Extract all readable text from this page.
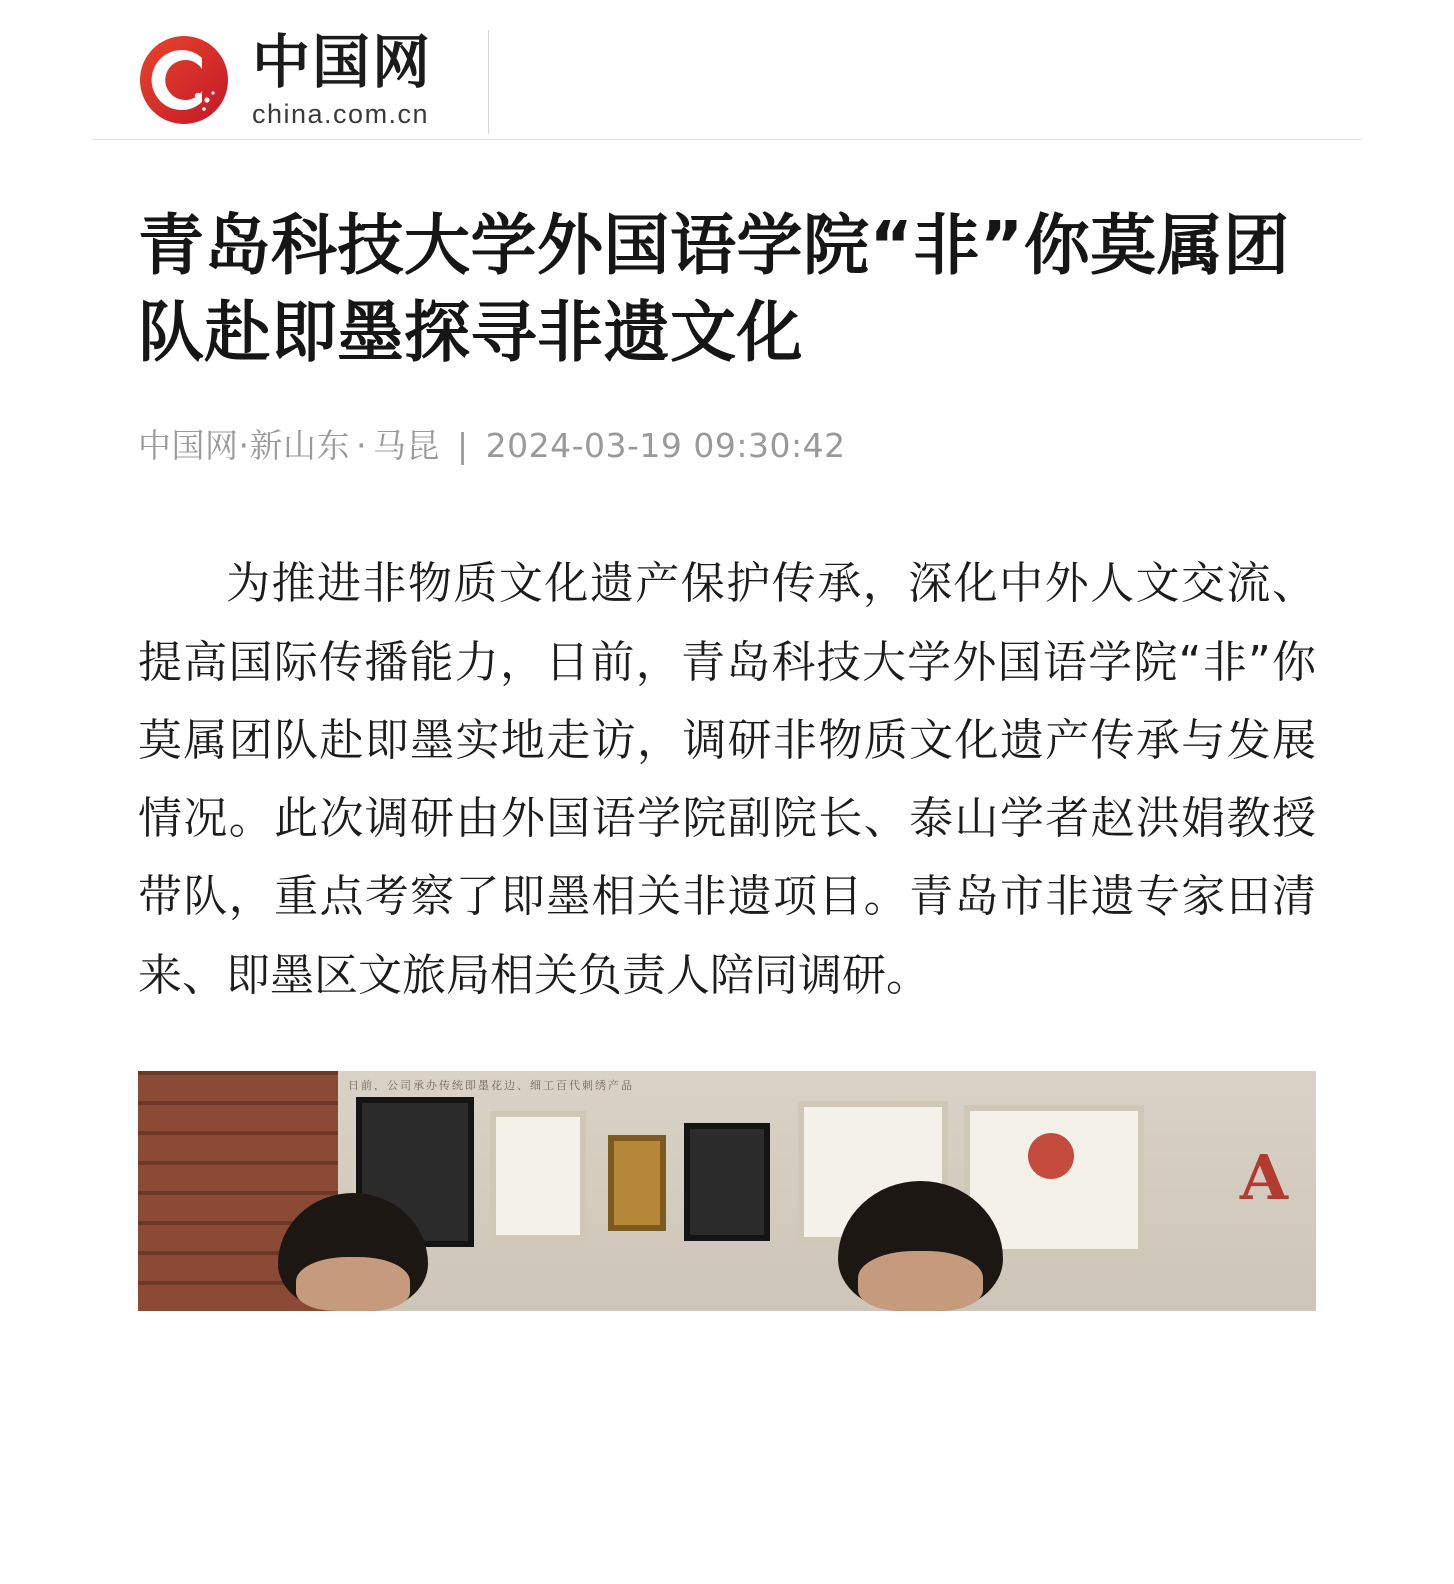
中国网
china.com.cn
青岛科技大学外国语学院“非”你莫属团队赴即墨探寻非遗文化
中国网·新山东 · 马昆 | 2024-03-19 09:30:42

为推进非物质文化遗产保护传承，深化中外人文交流、提高国际传播能力，日前，青岛科技大学外国语学院“非”你莫属团队赴即墨实地走访，调研非物质文化遗产传承与发展情况。此次调研由外国语学院副院长、泰山学者赵洪娟教授带队，重点考察了即墨相关非遗项目。青岛市非遗专家田清来、即墨区文旅局相关负责人陪同调研。

日前，公司承办传统即墨花边、细工百代刺绣产品
A
